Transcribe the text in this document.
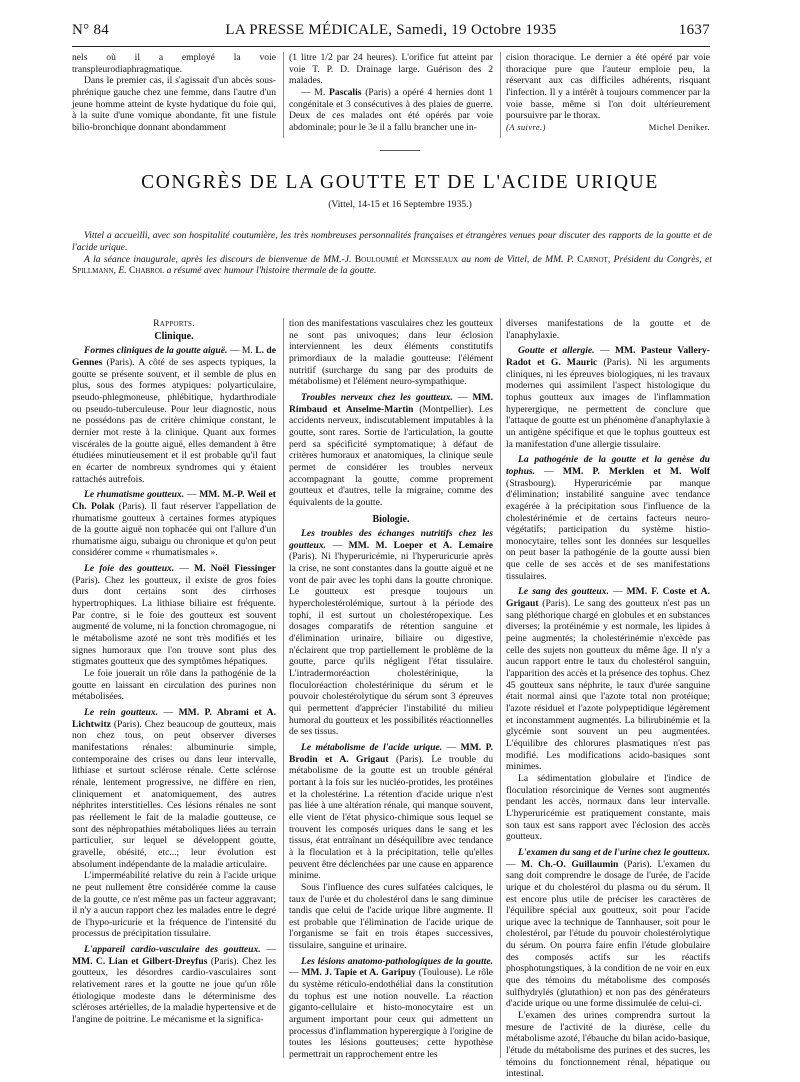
N° 84	LA PRESSE MÉDICALE, Samedi, 19 Octobre 1935	1637

nels où il a employé la voie transpleurodiaphragmatique.

Dans le premier cas, il s'agissait d'un abcès sous-phrénique gauche chez une femme, dans l'autre d'un jeune homme atteint de kyste hydatique du foie qui, à la suite d'une vomique abondante, fit une fistule bilio-bronchique donnant abondamment

(1 litre 1/2 par 24 heures). L'orifice fut atteint par voie T. P. D. Drainage large. Guérison des 2 malades.

— M. Pascalis (Paris) a opéré 4 hernies dont 1 congénitale et 3 consécutives à des plaies de guerre. Deux de ces malades ont été opérés par voie abdominale; pour le 3e il a fallu brancher une in-

cision thoracique. Le dernier a été opéré par voie thoracique pure que l'auteur emploie peu, la réservant aux cas difficiles adhérents, risquant l'infection. Il y a intérêt à toujours commencer par la voie basse, même si l'on doit ultérieurement poursuivre par le thorax.

(A suivre.)	Michel Deniker.

CONGRÈS DE LA GOUTTE ET DE L'ACIDE URIQUE
(Vittel, 14-15 et 16 Septembre 1935.)

Vittel a accueilli, avec son hospitalité coutumière, les très nombreuses personnalités françaises et étrangères venues pour discuter des rapports de la goutte et de l'acide urique.

A la séance inaugurale, après les discours de bienvenue de MM.-J. Bouloumié et Monsseaux au nom de Vittel, de MM. P. Carnot, Président du Congrès, et Spillmann, E. Chabrol a résumé avec humour l'histoire thermale de la goutte.

Rapports.

Clinique.

Formes cliniques de la goutte aiguë. — M. L. de Gennes (Paris). A côté de ses aspects typiques, la goutte se présente souvent, et il semble de plus en plus, sous des formes atypiques: polyarticulaire, pseudo-phlegmoneuse, phlébitique, hydarthrodiale ou pseudo-tuberculeuse. Pour leur diagnostic, nous ne possédons pas de critère chimique constant, le dernier mot reste à la clinique. Quant aux formes viscérales de la goutte aiguë, elles demandent à être étudiées minutieusement et il est probable qu'il faut en écarter de nombreux syndromes qui y étaient rattachés autrefois.

Le rhumatisme goutteux. — MM. M.-P. Weil et Ch. Polak (Paris). Il faut réserver l'appellation de rhumatisme goutteux à certaines formes atypiques de la goutte aiguë non tophacée qui ont l'allure d'un rhumatisme aigu, subaigu ou chronique et qu'on peut considérer comme « rhumatismales ».

Le foie des goutteux. — M. Noël Fiessinger (Paris). Chez les goutteux, il existe de gros foies durs dont certains sont des cirrhoses hypertrophiques. La lithiase biliaire est fréquente. Par contre, si le foie des goutteux est souvent augmenté de volume, ni la fonction chromagogue, ni le métabolisme azoté ne sont très modifiés et les signes humoraux que l'on trouve sont plus des stigmates goutteux que des symptômes hépatiques.

Le foie jouerait un rôle dans la pathogénie de la goutte en laissant en circulation des purines non métabolisées.

Le rein goutteux. — MM. P. Abrami et A. Lichtwitz (Paris). Chez beaucoup de goutteux, mais non chez tous, on peut observer diverses manifestations rénales: albuminurie simple, contemporaine des crises ou dans leur intervalle, lithiase et surtout sclérose rénale. Cette sclérose rénale, lentement progressive, ne diffère en rien, cliniquement et anatomiquement, des autres néphrites interstitielles. Ces lésions rénales ne sont pas réellement le fait de la maladie goutteuse, ce sont des néphropathies métaboliques liées au terrain particulier, sur lequel se développent goutte, gravelle, obésité, etc...; leur évolution est absolument indépendante de la maladie articulaire.

L'imperméabilité relative du rein à l'acide urique ne peut nullement être considérée comme la cause de la goutte, ce n'est même pas un facteur aggravant; il n'y a aucun rapport chez les malades entre le degré de l'hypo-uricurie et la fréquence de l'intensité du processus de précipitation tissulaire.

L'appareil cardio-vasculaire des goutteux. — MM. C. Lian et Gilbert-Dreyfus (Paris). Chez les goutteux, les désordres cardio-vasculaires sont relativement rares et la goutte ne joue qu'un rôle étiologique modeste dans le déterminisme des scléroses artérielles, de la maladie hypertensive et de l'angine de poitrine. Le mécanisme et la significa-

tion des manifestations vasculaires chez les goutteux ne sont pas univoques; dans leur éclosion interviennent les deux éléments constitutifs primordiaux de la maladie goutteuse: l'élément nutritif (surcharge du sang par des produits de métabolisme) et l'élément neuro-sympathique.

Troubles nerveux chez les goutteux. — MM. Rimbaud et Anselme-Martin (Montpellier). Les accidents nerveux, indiscutablement imputables à la goutte, sont rares. Sortie de l'articulation, la goutte perd sa spécificité symptomatique; à défaut de critères humoraux et anatomiques, la clinique seule permet de considérer les troubles nerveux accompagnant la goutte, comme proprement goutteux et d'autres, telle la migraine, comme des équivalents de la goutte.

Biologie.

Les troubles des échanges nutritifs chez les goutteux. — MM. M. Loeper et A. Lemaire (Paris). Ni l'hyperuricémie, ni l'hyperuricurie après la crise, ne sont constantes dans la goutte aiguë et ne vont de pair avec les tophi dans la goutte chronique. Le goutteux est presque toujours un hypercholestérolémique, surtout à la période des tophi, il est surtout un cholestéropexique. Les dosages comparatifs de rétention sanguine et d'élimination urinaire, biliaire ou digestive, n'éclairent que trop partiellement le problème de la goutte, parce qu'ils négligent l'état tissulaire. L'intradermoréaction cholestérinique, la floculoréaction cholestérinique du sérum et le pouvoir cholestérolytique du sérum sont 3 épreuves qui permettent d'apprécier l'instabilité du milieu humoral du goutteux et les possibilités réactionnelles de ses tissus.

Le métabolisme de l'acide urique. — MM. P. Brodin et A. Grigaut (Paris). Le trouble du métabolisme de la goutte est un trouble général portant à la fois sur les nucléo-protides, les protéines et la cholestérine. La rétention d'acide urique n'est pas liée à une altération rénale, qui manque souvent, elle vient de l'état physico-chimique sous lequel se trouvent les composés uriques dans le sang et les tissus, état entraînant un déséquilibre avec tendance à la floculation et à la précipitation, telle qu'elles peuvent être déclenchées par une cause en apparence minime.

Sous l'influence des cures sulfatées calciques, le taux de l'urée et du cholestérol dans le sang diminue tandis que celui de l'acide urique libre augmente. Il est probable que l'élimination de l'acide urique de l'organisme se fait en trois étapes successives, tissulaire, sanguine et urinaire.

Les lésions anatomo-pathologiques de la goutte. — MM. J. Tapie et A. Garipuy (Toulouse). Le rôle du système réticulo-endothélial dans la constitution du tophus est une notion nouvelle. La réaction giganto-cellulaire et histo-monocytaire est un argument important pour ceux qui admettent un processus d'inflammation hyperergique à l'origine de toutes les lésions goutteuses; cette hypothèse permettrait un rapprochement entre les

diverses manifestations de la goutte et de l'anaphylaxie.

Goutte et allergie. — MM. Pasteur Vallery-Radot et G. Mauric (Paris). Ni les arguments cliniques, ni les épreuves biologiques, ni les travaux modernes qui assimilent l'aspect histologique du tophus goutteux aux images de l'inflammation hyperergique, ne permettent de conclure que l'attaque de goutte est un phénomène d'anaphylaxie à un antigène spécifique et que le tophus goutteux est la manifestation d'une allergie tissulaire.

La pathogénie de la goutte et la genèse du tophus. — MM. P. Merklen et M. Wolf (Strasbourg). Hyperuricémie par manque d'élimination; instabilité sanguine avec tendance exagérée à la précipitation sous l'influence de la cholestérinémie et de certains facteurs neuro-végétatifs; participation du système histio-monocytaire, telles sont les données sur lesquelles on peut baser la pathogénie de la goutte aussi bien que celle de ses accès et de ses manifestations tissulaires.

Le sang des goutteux. — MM. F. Coste et A. Grigaut (Paris). Le sang des goutteux n'est pas un sang pléthorique chargé en globules et en substances diverses; la protéinémie y est normale, les lipides à peine augmentés; la cholestérinémie n'excède pas celle des sujets non goutteux du même âge. Il n'y a aucun rapport entre le taux du cholestérol sanguin, l'apparition des accès et la présence des tophus. Chez 45 goutteux sans néphrite, le taux d'urée sanguine était normal ainsi que l'azote total non protéique; l'azote résiduel et l'azote polypeptidique légèrement et inconstamment augmentés. La bilirubinémie et la glycémie sont souvent un peu augmentées. L'équilibre des chlorures plasmatiques n'est pas modifié. Les modifications acido-basiques sont minimes.

La sédimentation globulaire et l'indice de floculation résorcinique de Vernes sont augmentés pendant les accès, normaux dans leur intervalle. L'hyperuricémie est pratiquement constante, mais son taux est sans rapport avec l'éclosion des accès goutteux.

L'examen du sang et de l'urine chez le goutteux. — M. Ch.-O. Guillaumin (Paris). L'examen du sang doit comprendre le dosage de l'urée, de l'acide urique et du cholestérol du plasma ou du sérum. Il est encore plus utile de préciser les caractères de l'équilibre spécial aux goutteux, soit pour l'acide urique avec la technique de Tannhauser, soit pour le cholestérol, par l'étude du pouvoir cholestérolytique du sérum. On pourra faire enfin l'étude globulaire des composés actifs sur les réactifs phosphotungstiques, à la condition de ne voir en eux que des témoins du métabolisme des composés sulfhydrylés (glutathion) et non pas des générateurs d'acide urique ou une forme dissimulée de celui-ci.

L'examen des urines comprendra surtout la mesure de l'activité de la diurèse, celle du métabolisme azoté, l'ébauche du bilan acido-basique, l'étude du métabolisme des purines et des sucres, les témoins du fonctionnement rénal, hépatique ou intestinal.
